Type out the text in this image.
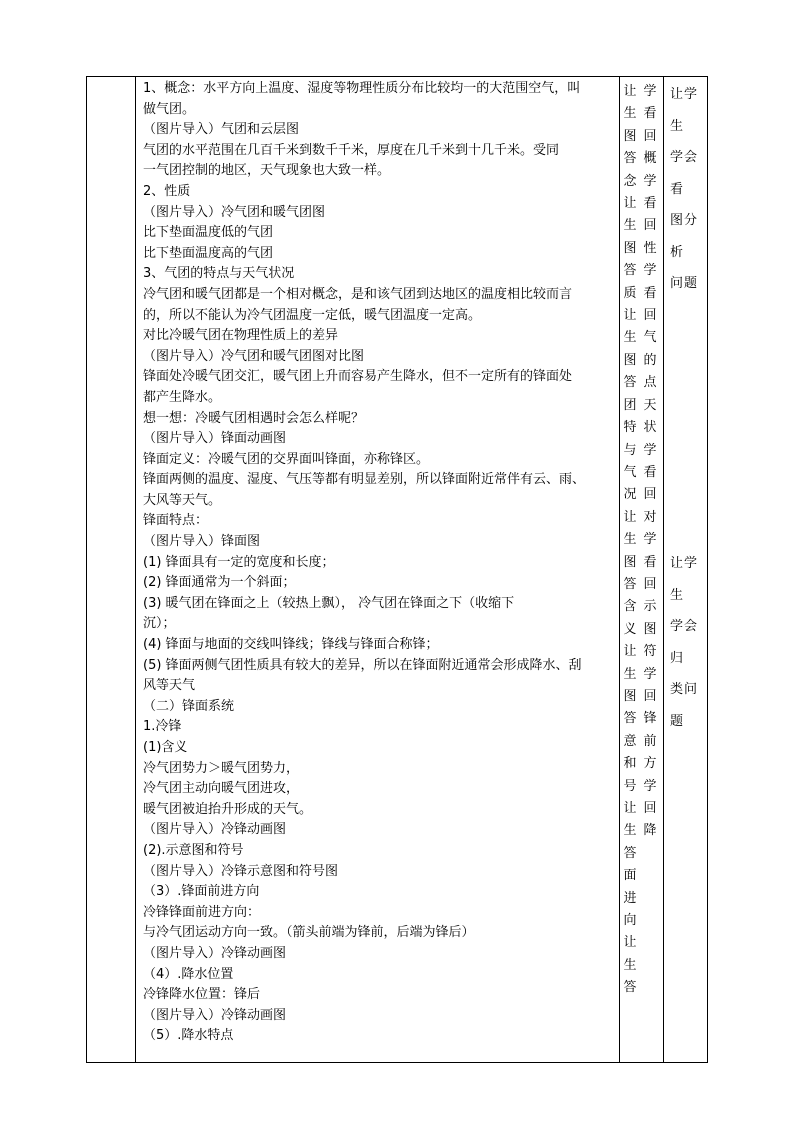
1、概念：水平方向上温度、湿度等物理性质分布比较均一的大范围空气，叫

做气团。

（图片导入）气团和云层图

气团的水平范围在几百千米到数千千米，厚度在几千米到十几千米。受同

一气团控制的地区，天气现象也大致一样。

2、性质

（图片导入）冷气团和暖气团图

比下垫面温度低的气团

比下垫面温度高的气团

3、气团的特点与天气状况

冷气团和暖气团都是一个相对概念，是和该气团到达地区的温度相比较而言

的，所以不能认为冷气团温度一定低，暖气团温度一定高。

对比冷暖气团在物理性质上的差异

（图片导入）冷气团和暖气团图对比图

锋面处冷暖气团交汇，暖气团上升而容易产生降水，但不一定所有的锋面处

都产生降水。

想一想：冷暖气团相遇时会怎么样呢？

（图片导入）锋面动画图

锋面定义：冷暖气团的交界面叫锋面，亦称锋区。

锋面两侧的温度、湿度、气压等都有明显差别，所以锋面附近常伴有云、雨、

大风等天气。

锋面特点：

（图片导入）锋面图

(1) 锋面具有一定的宽度和长度；

(2) 锋面通常为一个斜面；

(3) 暖气团在锋面之上（较热上飘）， 冷气团在锋面之下（收缩下

沉）；

(4) 锋面与地面的交线叫锋线；锋线与锋面合称锋；

(5) 锋面两侧气团性质具有较大的差异，所以在锋面附近通常会形成降水、刮

风等天气

（二）锋面系统

1.冷锋

(1)含义

冷气团势力＞暖气团势力，

冷气团主动向暖气团进攻，

暖气团被迫抬升形成的天气。

（图片导入）冷锋动画图

(2).示意图和符号

（图片导入）冷锋示意图和符号图

（3）.锋面前进方向

冷锋锋面前进方向：

与冷气团运动方向一致。（箭头前端为锋前，后端为锋后）

（图片导入）冷锋动画图

（4）.降水位置

冷锋降水位置：锋后

（图片导入）冷锋动画图

（5）.降水特点

让生图答念让生图答质让生图答团特与气况让生图答含义让生图答意和号让生答面进向让生答
学看回概学看回性学看回气的点天状学看回对学看回示图符学回锋前方学回降
让学生
学会看
图分析
问题
让学生
学会归
类问题
